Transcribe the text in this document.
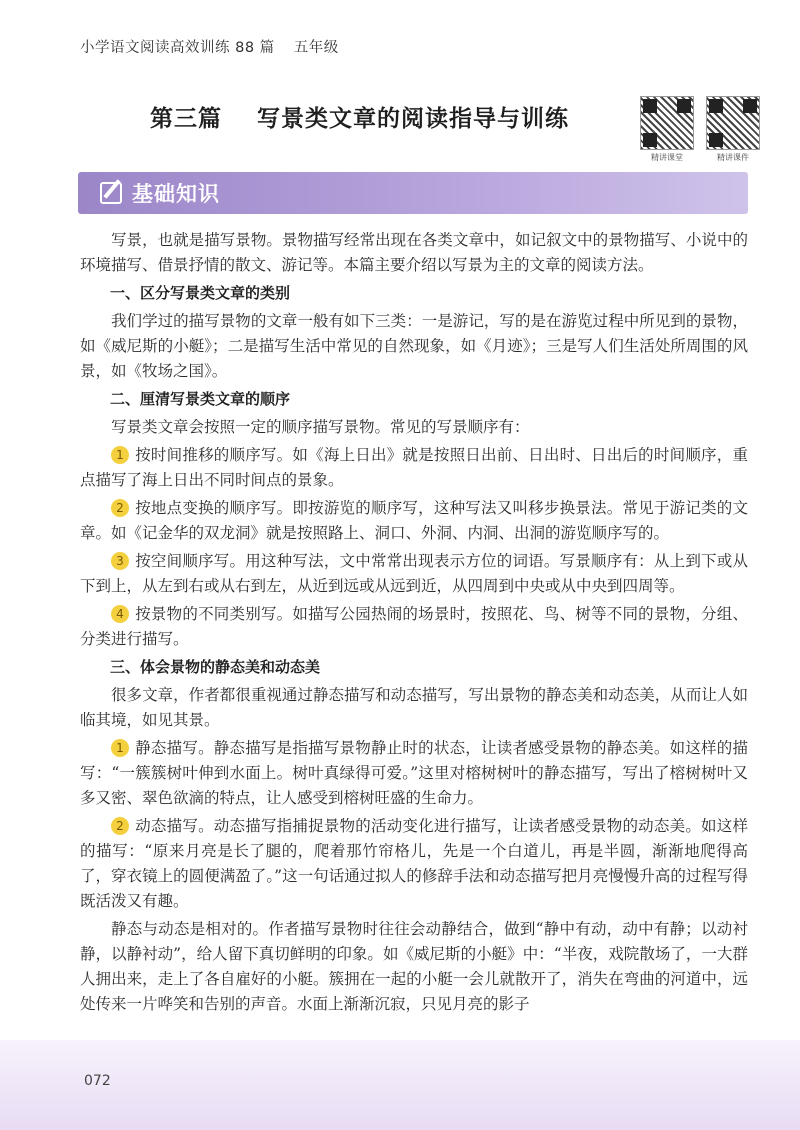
小学语文阅读高效训练 88 篇 五年级
第三篇 写景类文章的阅读指导与训练
精讲课堂	精讲课件
基础知识

写景，也就是描写景物。景物描写经常出现在各类文章中，如记叙文中的景物描写、小说中的环境描写、借景抒情的散文、游记等。本篇主要介绍以写景为主的文章的阅读方法。

一、区分写景类文章的类别

我们学过的描写景物的文章一般有如下三类：一是游记，写的是在游览过程中所见到的景物，如《威尼斯的小艇》；二是描写生活中常见的自然现象，如《月迹》；三是写人们生活处所周围的风景，如《牧场之国》。

二、厘清写景类文章的顺序

写景类文章会按照一定的顺序描写景物。常见的写景顺序有：

1 按时间推移的顺序写。如《海上日出》就是按照日出前、日出时、日出后的时间顺序，重点描写了海上日出不同时间点的景象。

2 按地点变换的顺序写。即按游览的顺序写，这种写法又叫移步换景法。常见于游记类的文章。如《记金华的双龙洞》就是按照路上、洞口、外洞、内洞、出洞的游览顺序写的。

3 按空间顺序写。用这种写法，文中常常出现表示方位的词语。写景顺序有：从上到下或从下到上，从左到右或从右到左，从近到远或从远到近，从四周到中央或从中央到四周等。

4 按景物的不同类别写。如描写公园热闹的场景时，按照花、鸟、树等不同的景物，分组、分类进行描写。

三、体会景物的静态美和动态美

很多文章，作者都很重视通过静态描写和动态描写，写出景物的静态美和动态美，从而让人如临其境，如见其景。

1 静态描写。静态描写是指描写景物静止时的状态，让读者感受景物的静态美。如这样的描写：“一簇簇树叶伸到水面上。树叶真绿得可爱。”这里对榕树树叶的静态描写，写出了榕树树叶又多又密、翠色欲滴的特点，让人感受到榕树旺盛的生命力。

2 动态描写。动态描写指捕捉景物的活动变化进行描写，让读者感受景物的动态美。如这样的描写：“原来月亮是长了腿的，爬着那竹帘格儿，先是一个白道儿，再是半圆，渐渐地爬得高了，穿衣镜上的圆便满盈了。”这一句话通过拟人的修辞手法和动态描写把月亮慢慢升高的过程写得既活泼又有趣。

静态与动态是相对的。作者描写景物时往往会动静结合，做到“静中有动，动中有静；以动衬静，以静衬动”，给人留下真切鲜明的印象。如《威尼斯的小艇》中：“半夜，戏院散场了，一大群人拥出来，走上了各自雇好的小艇。簇拥在一起的小艇一会儿就散开了，消失在弯曲的河道中，远处传来一片哗笑和告别的声音。水面上渐渐沉寂，只见月亮的影子

072
